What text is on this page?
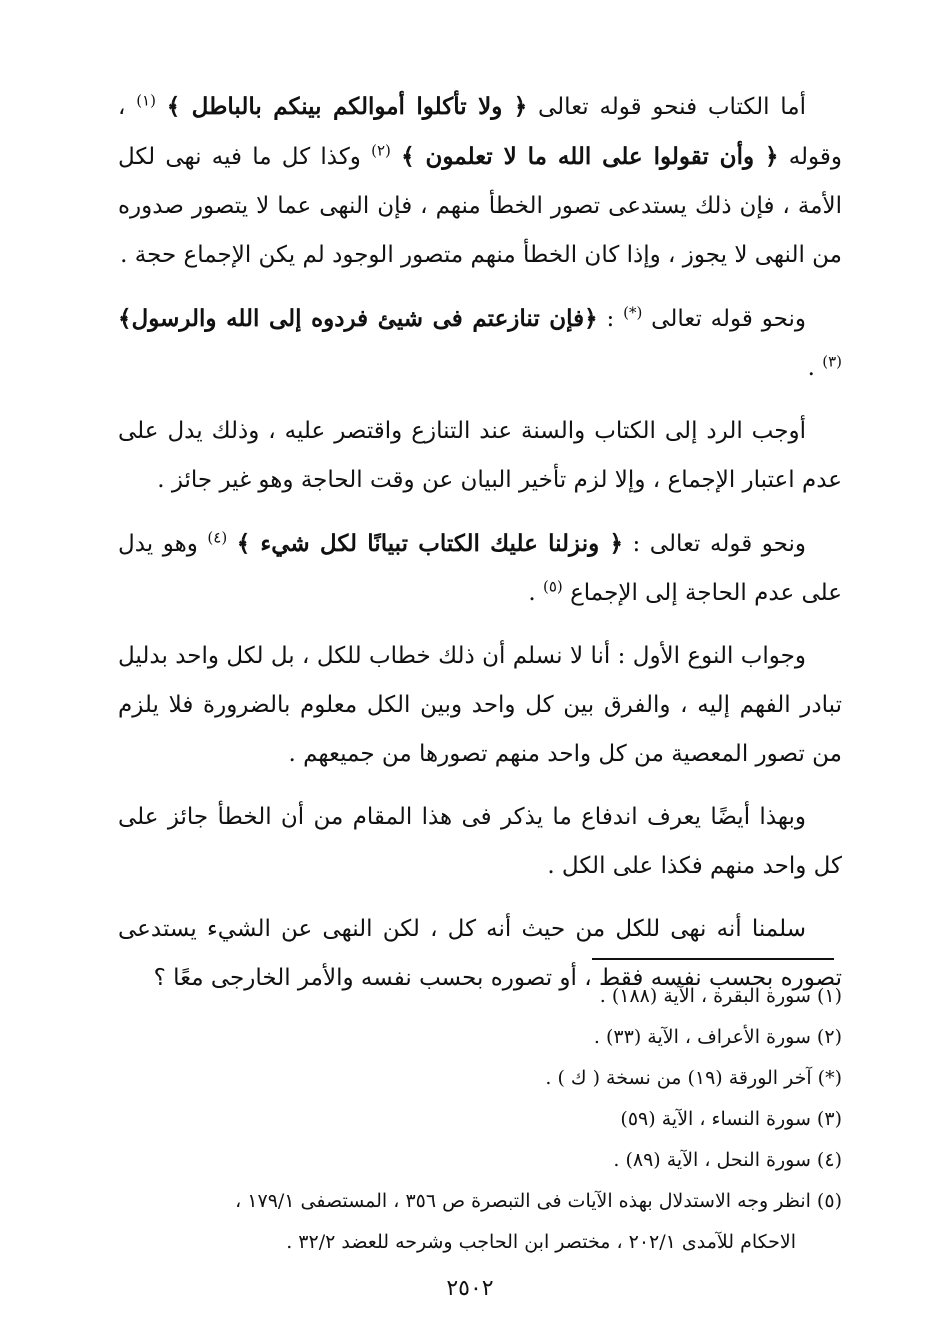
أما الكتاب فنحو قوله تعالى ﴿ ولا تأكلوا أموالكم بينكم بالباطل ﴾ $^{(١)}$ ، وقوله ﴿ وأن تقولوا على الله ما لا تعلمون ﴾ $^{(٢)}$ وكذا كل ما فيه نهى لكل الأمة ، فإن ذلك يستدعى تصور الخطأ منهم ، فإن النهى عما لا يتصور صدوره من النهى لا يجوز ، وإذا كان الخطأ منهم متصور الوجود لم يكن الإجماع حجة .

ونحو قوله تعالى (*) : ﴿فإن تنازعتم فى شيئ فردوه إلى الله والرسول﴾$^{(٣)}$ .

أوجب الرد إلى الكتاب والسنة عند التنازع واقتصر عليه ، وذلك يدل على عدم اعتبار الإجماع ، وإلا لزم تأخير البيان عن وقت الحاجة وهو غير جائز .

ونحو قوله تعالى : ﴿ ونزلنا عليك الكتاب تبيانًا لكل شيء ﴾ $^{(٤)}$ وهو يدل على عدم الحاجة إلى الإجماع $^{(٥)}$ .

وجواب النوع الأول : أنا لا نسلم أن ذلك خطاب للكل ، بل لكل واحد بدليل تبادر الفهم إليه ، والفرق بين كل واحد وبين الكل معلوم بالضرورة فلا يلزم من تصور المعصية من كل واحد منهم تصورها من جميعهم .

وبهذا أيضًا يعرف اندفاع ما يذكر فى هذا المقام من أن الخطأ جائز على كل واحد منهم فكذا على الكل .

سلمنا أنه نهى للكل من حيث أنه كل ، لكن النهى عن الشيء يستدعى تصوره بحسب نفسه فقط ، أو تصوره بحسب نفسه والأمر الخارجى معًا ؟

(١) سورة البقرة ، الآية (١٨٨) .
(٢) سورة الأعراف ، الآية (٣٣) .
(*) آخر الورقة (١٩) من نسخة ( ك ) .
(٣) سورة النساء ، الآية (٥٩)
(٤) سورة النحل ، الآية (٨٩) .
(٥) انظر وجه الاستدلال بهذه الآيات فى التبصرة ص ٣٥٦ ، المستصفى ١٧٩/١ ،
الاحكام للآمدى ٢٠٢/١ ، مختصر ابن الحاجب وشرحه للعضد ٣٢/٢ .
٢٥٠٢
